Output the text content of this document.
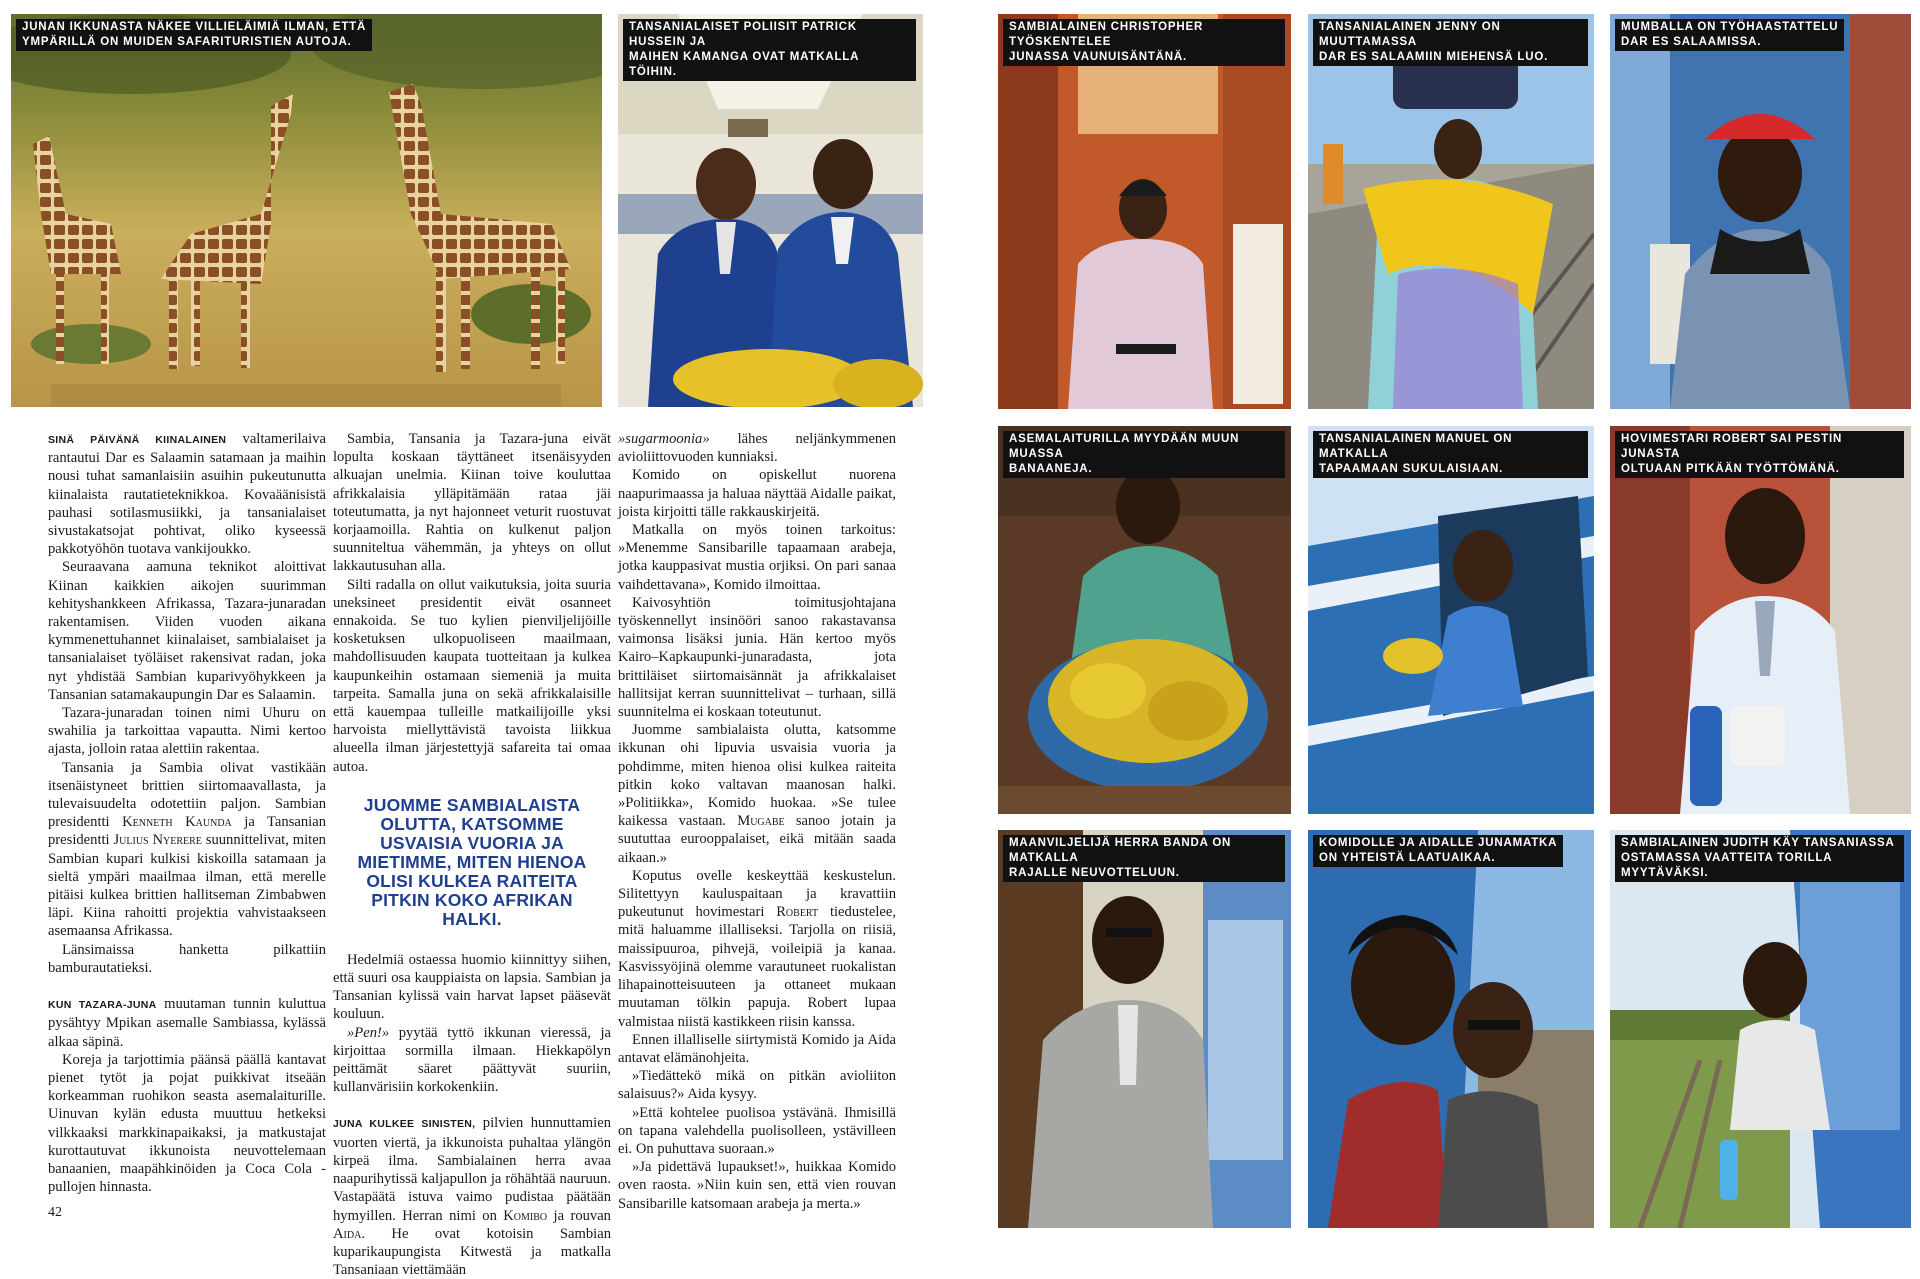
JUNAN IKKUNASTA NÄKEE VILLIELÄIMIÄ ILMAN, ETTÄ
YMPÄRILLÄ ON MUIDEN SAFARITURISTIEN AUTOJA.
TANSANIALAISET POLIISIT PATRICK HUSSEIN JA
MAIHEN KAMANGA OVAT MATKALLA TÖIHIN.
SAMBIALAINEN CHRISTOPHER TYÖSKENTELEE
JUNASSA VAUNUISÄNTÄNÄ.
TANSANIALAINEN JENNY ON MUUTTAMASSA
DAR ES SALAAMIIN MIEHENSÄ LUO.
MUMBALLA ON TYÖHAASTATTELU
DAR ES SALAAMISSA.
ASEMALAITURILLA MYYDÄÄN MUUN MUASSA
BANAANEJA.
TANSANIALAINEN MANUEL ON MATKALLA
TAPAAMAAN SUKULAISIAAN.
HOVIMESTARI ROBERT SAI PESTIN JUNASTA
OLTUAAN PITKÄÄN TYÖTTÖMÄNÄ.
MAANVILJELIJÄ HERRA BANDA ON MATKALLA
RAJALLE NEUVOTTELUUN.
KOMIDOLLE JA AIDALLE JUNAMATKA
ON YHTEISTÄ LAATUAIKAA.
SAMBIALAINEN JUDITH KÄY TANSANIASSA
OSTAMASSA VAATTEITA TORILLA MYYTÄVÄKSI.

SINÄ PÄIVÄNÄ KIINALAINEN valtamerilaiva rantautui Dar es Salaamin satamaan ja maihin nousi tuhat samanlaisiin asuihin pukeutunutta kiinalaista rautatieteknikkoa. Kovaäänisistä pauhasi sotilasmusiikki, ja tansanialaiset sivustakatsojat pohtivat, oliko kyseessä pakkotyöhön tuotava vankijoukko.

Seuraavana aamuna teknikot aloittivat Kiinan kaikkien aikojen suurimman kehityshankkeen Afrikassa, Tazara-junaradan rakentamisen. Viiden vuoden aikana kymmenettuhannet kiinalaiset, sambialaiset ja tansanialaiset työläiset rakensivat radan, joka nyt yhdistää Sambian kuparivyöhykkeen ja Tansanian satamakaupungin Dar es Salaamin.

Tazara-junaradan toinen nimi Uhuru on swahilia ja tarkoittaa vapautta. Nimi kertoo ajasta, jolloin rataa alettiin rakentaa.

Tansania ja Sambia olivat vastikään itsenäistyneet brittien siirtomaavallasta, ja tulevaisuudelta odotettiin paljon. Sambian presidentti Kenneth Kaunda ja Tansanian presidentti Julius Nyerere suunnittelivat, miten Sambian kupari kulkisi kiskoilla satamaan ja sieltä ympäri maailmaa ilman, että merelle pitäisi kulkea brittien hallitseman Zimbabwen läpi. Kiina rahoitti projektia vahvistaakseen asemaansa Afrikassa.

Länsimaissa hanketta pilkattiin bamburautatieksi.

KUN TAZARA-JUNA muutaman tunnin kuluttua pysähtyy Mpikan asemalle Sambiassa, kylässä alkaa säpinä.

Koreja ja tarjottimia päänsä päällä kantavat pienet tytöt ja pojat puikkivat itseään korkeamman ruohikon seasta asemalaiturille. Uinuvan kylän edusta muuttuu hetkeksi vilkkaaksi markkinapaikaksi, ja matkustajat kurottautuvat ikkunoista neuvottelemaan banaanien, maapähkinöiden ja Coca Cola -pullojen hinnasta.

Sambia, Tansania ja Tazara-juna eivät lopulta koskaan täyttäneet itsenäisyyden alkuajan unelmia. Kiinan toive kouluttaa afrikkalaisia ylläpitämään rataa jäi toteutumatta, ja nyt hajonneet veturit ruostuvat korjaamoilla. Rahtia on kulkenut paljon suunniteltua vähemmän, ja yhteys on ollut lakkautusuhan alla.

Silti radalla on ollut vaikutuksia, joita suuria uneksineet presidentit eivät osanneet ennakoida. Se tuo kylien pienviljelijöille kosketuksen ulkopuoliseen maailmaan, mahdollisuuden kaupata tuotteitaan ja kulkea kaupunkeihin ostamaan siemeniä ja muita tarpeita. Samalla juna on sekä afrikkalaisille että kauempaa tulleille matkailijoille yksi harvoista miellyttävistä tavoista liikkua alueella ilman järjestettyjä safareita tai omaa autoa.

JUOMME SAMBIALAISTA OLUTTA, KATSOMME USVAISIA VUORIA JA MIETIMME, MITEN HIENOA OLISI KULKEA RAITEITA PITKIN KOKO AFRIKAN HALKI.

Hedelmiä ostaessa huomio kiinnittyy siihen, että suuri osa kauppiaista on lapsia. Sambian ja Tansanian kylissä vain harvat lapset pääsevät kouluun.

»Pen!» pyytää tyttö ikkunan vieressä, ja kirjoittaa sormilla ilmaan. Hiekkapölyn peittämät säaret päättyvät suuriin, kullanvärisiin korkokenkiin.

JUNA KULKEE SINISTEN, pilvien hunnuttamien vuorten viertä, ja ikkunoista puhaltaa ylängön kirpeä ilma. Sambialainen herra avaa naapurihytissä kaljapullon ja röhähtää nauruun. Vastapäätä istuva vaimo pudistaa päätään hymyillen. Herran nimi on Komibo ja rouvan Aida. He ovat kotoisin Sambian kuparikaupungista Kitwestä ja matkalla Tansaniaan viettämään

»sugarmoonia» lähes neljänkymmenen avioliittovuoden kunniaksi.

Komido on opiskellut nuorena naapurimaassa ja haluaa näyttää Aidalle paikat, joista kirjoitti tälle rakkauskirjeitä.

Matkalla on myös toinen tarkoitus: »Menemme Sansibarille tapaamaan arabeja, jotka kauppasivat mustia orjiksi. On pari sanaa vaihdettavana», Komido ilmoittaa.

Kaivosyhtiön toimitusjohtajana työskennellyt insinööri sanoo rakastavansa vaimonsa lisäksi junia. Hän kertoo myös Kairo–Kapkaupunki-junaradasta, jota brittiläiset siirtomaisännät ja afrikkalaiset hallitsijat kerran suunnittelivat – turhaan, sillä suunnitelma ei koskaan toteutunut.

Juomme sambialaista olutta, katsomme ikkunan ohi lipuvia usvaisia vuoria ja pohdimme, miten hienoa olisi kulkea raiteita pitkin koko valtavan maanosan halki. »Politiikka», Komido huokaa. »Se tulee kaikessa vastaan. Mugabe sanoo jotain ja suututtaa eurooppalaiset, eikä mitään saada aikaan.»

Koputus ovelle keskeyttää keskustelun. Silitettyyn kauluspaitaan ja kravattiin pukeutunut hovimestari Robert tiedustelee, mitä haluamme illalliseksi. Tarjolla on riisiä, maissipuuroa, pihvejä, voileipiä ja kanaa. Kasvissyöjinä olemme varautuneet ruokalistan lihapainotteisuuteen ja ottaneet mukaan muutaman tölkin papuja. Robert lupaa valmistaa niistä kastikkeen riisin kanssa.

Ennen illalliselle siirtymistä Komido ja Aida antavat elämänohjeita.

»Tiedättekö mikä on pitkän avioliiton salaisuus?» Aida kysyy.

»Että kohtelee puolisoa ystävänä. Ihmisillä on tapana valehdella puolisolleen, ystävilleen ei. On puhuttava suoraan.»

»Ja pidettävä lupaukset!», huikkaa Komido oven raosta. »Niin kuin sen, että vien rouvan Sansibarille katsomaan arabeja ja merta.»

42
